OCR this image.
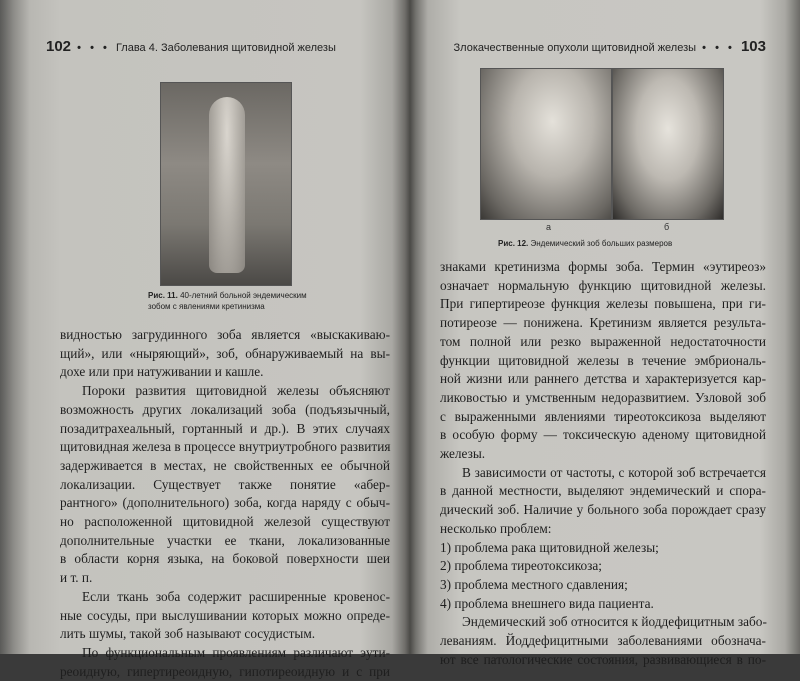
102 • • • Глава 4. Заболевания щитовидной железы
Рис. 11. 40-летний больной эндемическим зобом с явлениями кретинизма
видностью загрудинного зоба является «выскакиваю-
щий», или «ныряющий», зоб, обнаруживаемый на вы-
дохе или при натуживании и кашле.
Пороки развития щитовидной железы объясняют
возможность других локализаций зоба (подъязычный,
позадитрахеальный, гортанный и др.). В этих случаях
щитовидная железа в процессе внутриутробного развития
задерживается в местах, не свойственных ее обычной
локализации. Существует также понятие «абер-
рантного» (дополнительного) зоба, когда наряду с обыч-
но расположенной щитовидной железой существуют
дополнительные участки ее ткани, локализованные
в области корня языка, на боковой поверхности шеи
и т. п.
Если ткань зоба содержит расширенные кровенос-
ные сосуды, при выслушивании которых можно опреде-
лить шумы, такой зоб называют сосудистым.
По функциональным проявлениям различают эути-
реоидную, гипертиреоидную, гипотиреоидную и с при
Злокачественные опухоли щитовидной железы • • • 103
а	б
Рис. 12. Эндемический зоб больших размеров
знаками кретинизма формы зоба. Термин «эутиреоз»
означает нормальную функцию щитовидной железы.
При гипертиреозе функция железы повышена, при ги-
потиреозе — понижена. Кретинизм является результа-
том полной или резко выраженной недостаточности
функции щитовидной железы в течение эмбриональ-
ной жизни или раннего детства и характеризуется кар-
ликовостью и умственным недоразвитием. Узловой зоб
с выраженными явлениями тиреотоксикоза выделяют
в особую форму — токсическую аденому щитовидной
железы.
В зависимости от частоты, с которой зоб встречается
в данной местности, выделяют эндемический и спора-
дический зоб. Наличие у больного зоба порождает сразу
несколько проблем:
1) проблема рака щитовидной железы;
2) проблема тиреотоксикоза;
3) проблема местного сдавления;
4) проблема внешнего вида пациента.
Эндемический зоб относится к йоддефицитным забо-
леваниям. Йоддефицитными заболеваниями обознача-
ют все патологические состояния, развивающиеся в по-
